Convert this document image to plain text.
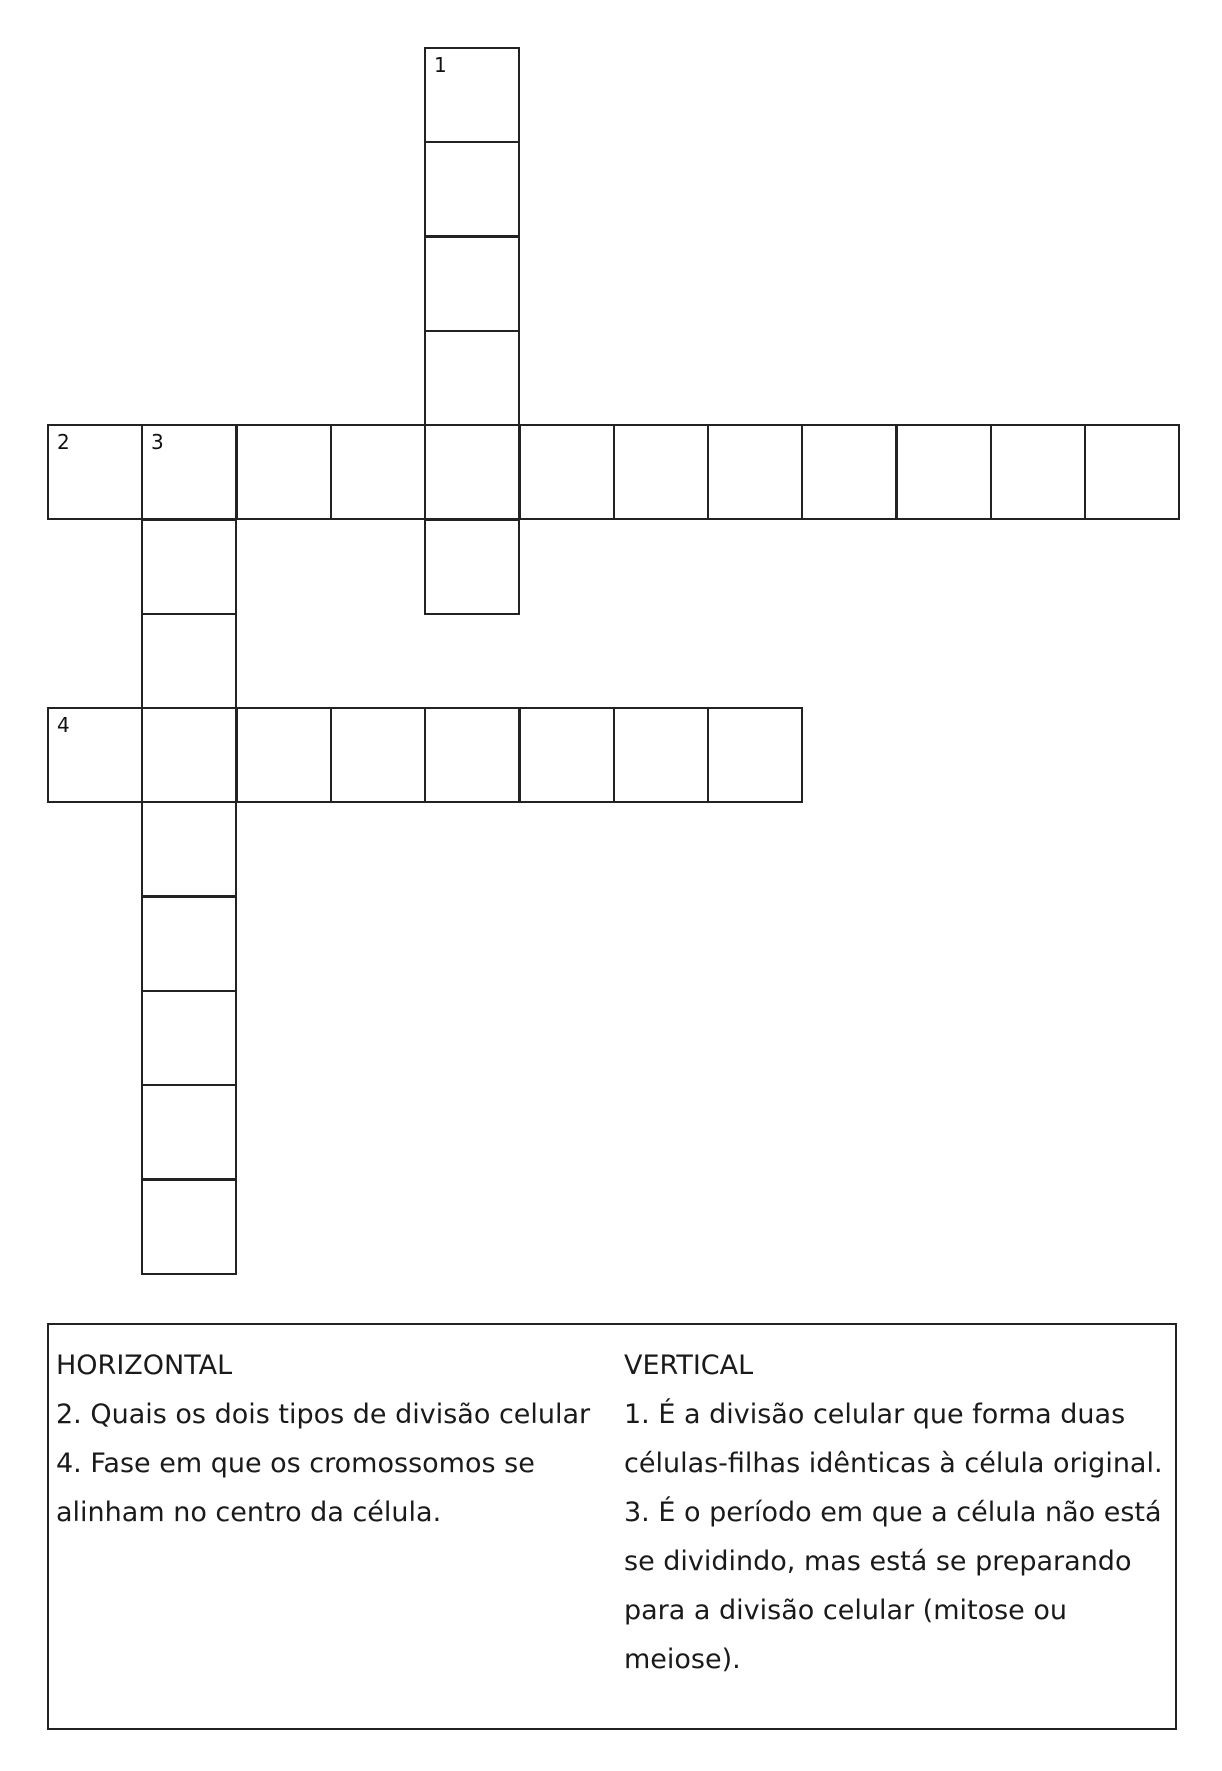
1
2	3
4
HORIZONTAL
2. Quais os dois tipos de divisão celular
4. Fase em que os cromossomos se
alinham no centro da célula.
VERTICAL
1. É a divisão celular que forma duas
células-filhas idênticas à célula original.
3. É o período em que a célula não está
se dividindo, mas está se preparando
para a divisão celular (mitose ou
meiose).
